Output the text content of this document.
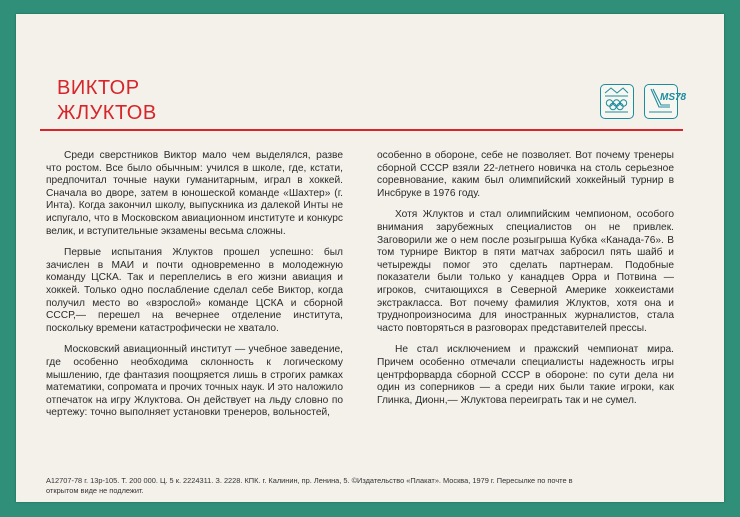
ВИКТОР
ЖЛУКТОВ
MS78

Среди сверстников Виктор мало чем выделялся, разве что ростом. Все было обычным: учился в школе, где, кстати, предпочитал точные науки гуманитарным, играл в хоккей. Сначала во дворе, затем в юношеской команде «Шахтер» (г. Инта). Когда закончил школу, выпускника из далекой Инты не испугало, что в Московском авиационном институте и конкурс велик, и вступительные экзамены весьма сложны.

Первые испытания Жлуктов прошел успешно: был зачислен в МАИ и почти одновременно в молодежную команду ЦСКА. Так и переплелись в его жизни авиация и хоккей. Только одно послабление сделал себе Виктор, когда получил место во «взрослой» команде ЦСКА и сборной СССР,— перешел на вечернее отделение института, поскольку времени катастрофически не хватало.

Московский авиационный институт — учебное заведение, где особенно необходима склонность к логическому мышлению, где фантазия поощряется лишь в строгих рамках математики, сопромата и прочих точных наук. И это наложило отпечаток на игру Жлуктова. Он действует на льду словно по чертежу: точно выполняет установки тренеров, вольностей,

особенно в обороне, себе не позволяет. Вот почему тренеры сборной СССР взяли 22-летнего новичка на столь серьезное соревнование, каким был олимпийский хоккейный турнир в Инсбруке в 1976 году.

Хотя Жлуктов и стал олимпийским чемпионом, особого внимания зарубежных специалистов он не привлек. Заговорили же о нем после розыгрыша Кубка «Канада-76». В том турнире Виктор в пяти матчах забросил пять шайб и четырежды помог это сделать партнерам. Подобные показатели были только у канадцев Орра и Потвина — игроков, считающихся в Северной Америке хоккеистами экстракласса. Вот почему фамилия Жлуктов, хотя она и труднопроизносима для иностранных журналистов, стала часто повторяться в разговорах представителей прессы.

Не стал исключением и пражский чемпионат мира. Причем особенно отмечали специалисты надежность игры центрфорварда сборной СССР в обороне: по сути дела ни один из соперников — а среди них были такие игроки, как Глинка, Дионн,— Жлуктова переиграть так и не сумел.

А12707-78 г. 13р-105. Т. 200 000. Ц. 5 к. 2224311. З. 2228. КПК. г. Калинин, пр. Ленина, 5. ©Издательство «Плакат». Москва, 1979 г. Пересылке по почте в
открытом виде не подлежит.
